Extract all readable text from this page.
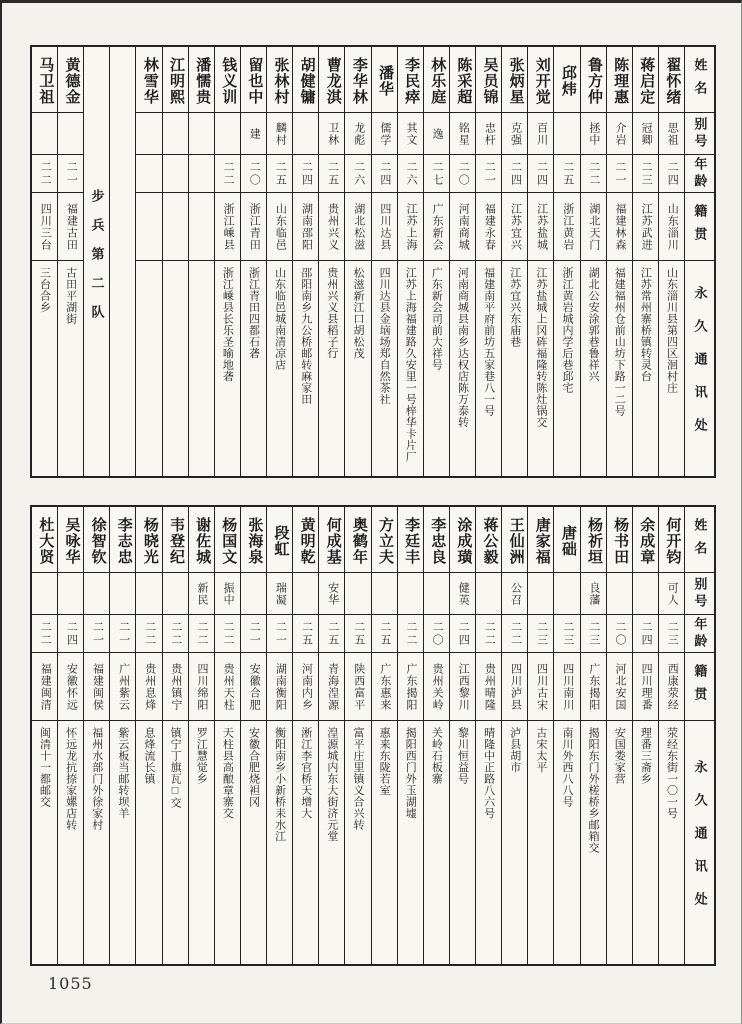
姓名
别号
年龄
籍贯
永久通讯处
翟怀绪
思祖
二四
山东淄川
山东淄川县第四区洄村庄
蒋启定
冠卿
二三
江苏武进
江苏常州寨桥镇转灵台
陈理惠
介岩
二一
福建林森
福建福州仓前山坊下路一二号
鲁方仲
拯中
二二
湖北天门
湖北公安涂郭巷鲁祥兴
邱炜
二五
浙江黄岩
浙江黄岩城内学后巷邱宅
刘开觉
百川
二四
江苏盐城
江苏盐城上冈砗福隆转陈灶锅交
张炳星
克强
二四
江苏宜兴
江苏宜兴东庙巷
吴员锦
忠杆
二一
福建永春
福建南平府前坊五家巷八一号
陈采超
铭星
二〇
河南商城
河南商城县南乡达权店陈万泰转
林乐庭
逸
二七
广东新会
广东新会司前大祥号
李民瘁
其文
二六
江苏上海
江苏上海福建路久安里一号梓华卡片厂
潘华
儒学
二四
四川达县
四川达县金垴场郑自然茶社
李华林
龙彪
二六
湖北松滋
松滋新江口胡松茂
曹龙淇
卫林
二五
贵州兴义
贵州兴义县稻子行
胡健镛
二四
湖南邵阳
邵阳南乡九公桥邮转麻家田
张林村
麟村
二五
山东临邑
山东临邑城南清凉店
留也中
建
二〇
浙江青田
浙江青田四都石砻
钱义训
二二
浙江嵊县
浙江嵊县长乐圣喻地砻
潘懦贵
江明熙
林雪华
步兵第二队
黄德金
二一
福建古田
古田平湖街
马卫祖
二二
四川三台
三台合乡
姓名
别号
年龄
籍贯
永久通讯处
何开钧
可人
二三
西康荥经
荥经东街一〇一号
余成章
二四
四川理番
理番三斋乡
杨书田
二〇
河北安国
安国娄家营
杨祈垣
良藩
二三
广东揭阳
揭阳东门外槎桥乡邮箱交
唐础
二三
四川南川
南川外西八八号
唐家福
二三
四川古宋
古宋太平
王仙洲
公召
二二
四川泸县
泸县胡市
蒋公毅
二二
贵州晴隆
晴隆中正路八六号
涂成璜
健英
二四
江西黎川
黎川恒益号
李忠良
二〇
贵州关岭
关岭石板寨
李廷丰
二二
广东揭阳
揭阳西门外玉湖墟
方立夫
二五
广东惠来
惠来东陇若室
奥鹤年
二五
陕西富平
富平庄里镇义合兴转
何成基
安华
二五
青海湟源
湟源城内东大街济元堂
黄明乾
二五
河南内乡
淅江李官桥天增大
段虹
瑞凝
二一
湖南衡阳
衡阳南乡小新桥耒水江
张海泉
二一
安徽合肥
安徽合肥烧袒冈
杨国文
振中
二二
贵州天柱
天柱县高酿章寨交
谢佐城
新民
二二
四川绵阳
罗江慧觉乡
韦登纪
二二
贵州镇宁
镇宁丁旗瓦□交
杨晓光
二二
贵州息烽
息烽流长镇
李志忠
二一
广州紫云
紫云板当邮转坝羊
徐智钦
二一
福建闽侯
福州水部门外徐家村
吴咏华
二四
安徽怀远
怀远龙抗捺家嫘店转
杜大贤
二二
福建闽清
闽清十一都邮交
1055
